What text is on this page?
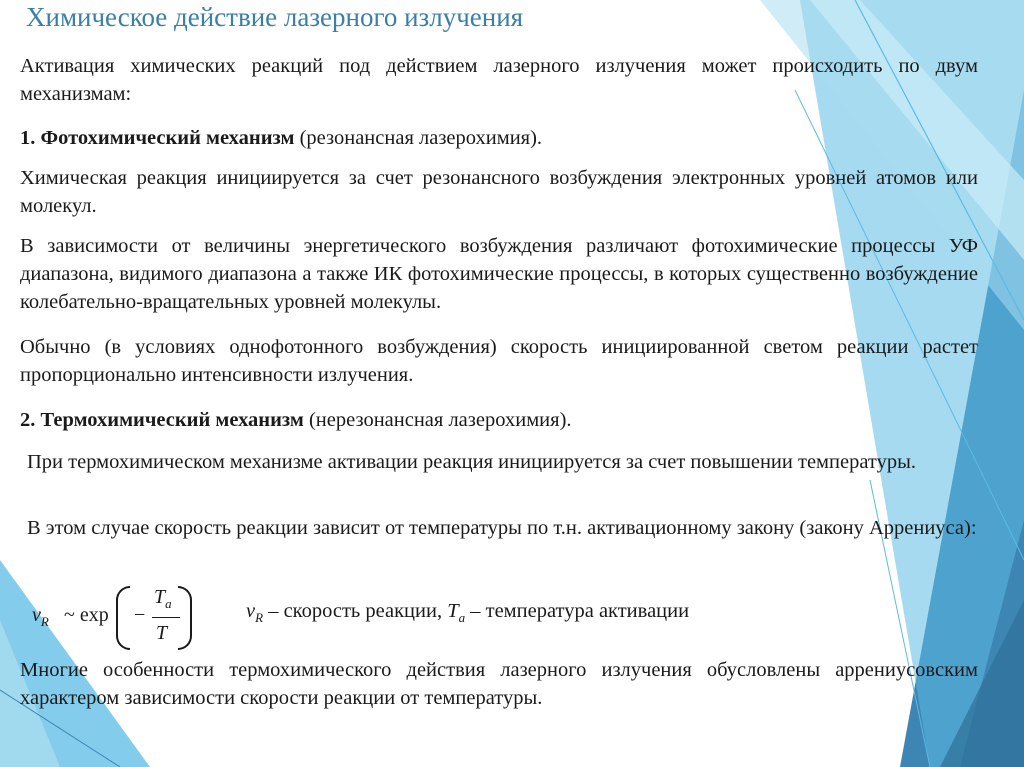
Химическое действие лазерного излучения

Активация химических реакций под действием лазерного излучения может происходить по двум механизмам:

1. Фотохимический механизм (резонансная лазерохимия).

Химическая реакция инициируется за счет резонансного возбуждения электронных уровней атомов или молекул.

В зависимости от величины энергетического возбуждения различают фотохимические процессы УФ диапазона, видимого диапазона а также ИК фотохимические процессы, в которых существенно возбуждение колебательно-вращательных уровней молекулы.

Обычно (в условиях однофотонного возбуждения) скорость инициированной светом реакции растет пропорционально интенсивности излучения.

2. Термохимический механизм (нерезонансная лазерохимия).

При термохимическом механизме активации реакция инициируется за счет повышении температуры.

В этом случае скорость реакции зависит от температуры по т.н. активационному закону (закону Аррениуса):

$v_R$ ~ exp −
$T_a$
T
$v_R$ – скорость реакции, $T_a$ – температура активации

Многие особенности термохимического действия лазерного излучения обусловлены аррениусовским характером зависимости скорости реакции от температуры.
